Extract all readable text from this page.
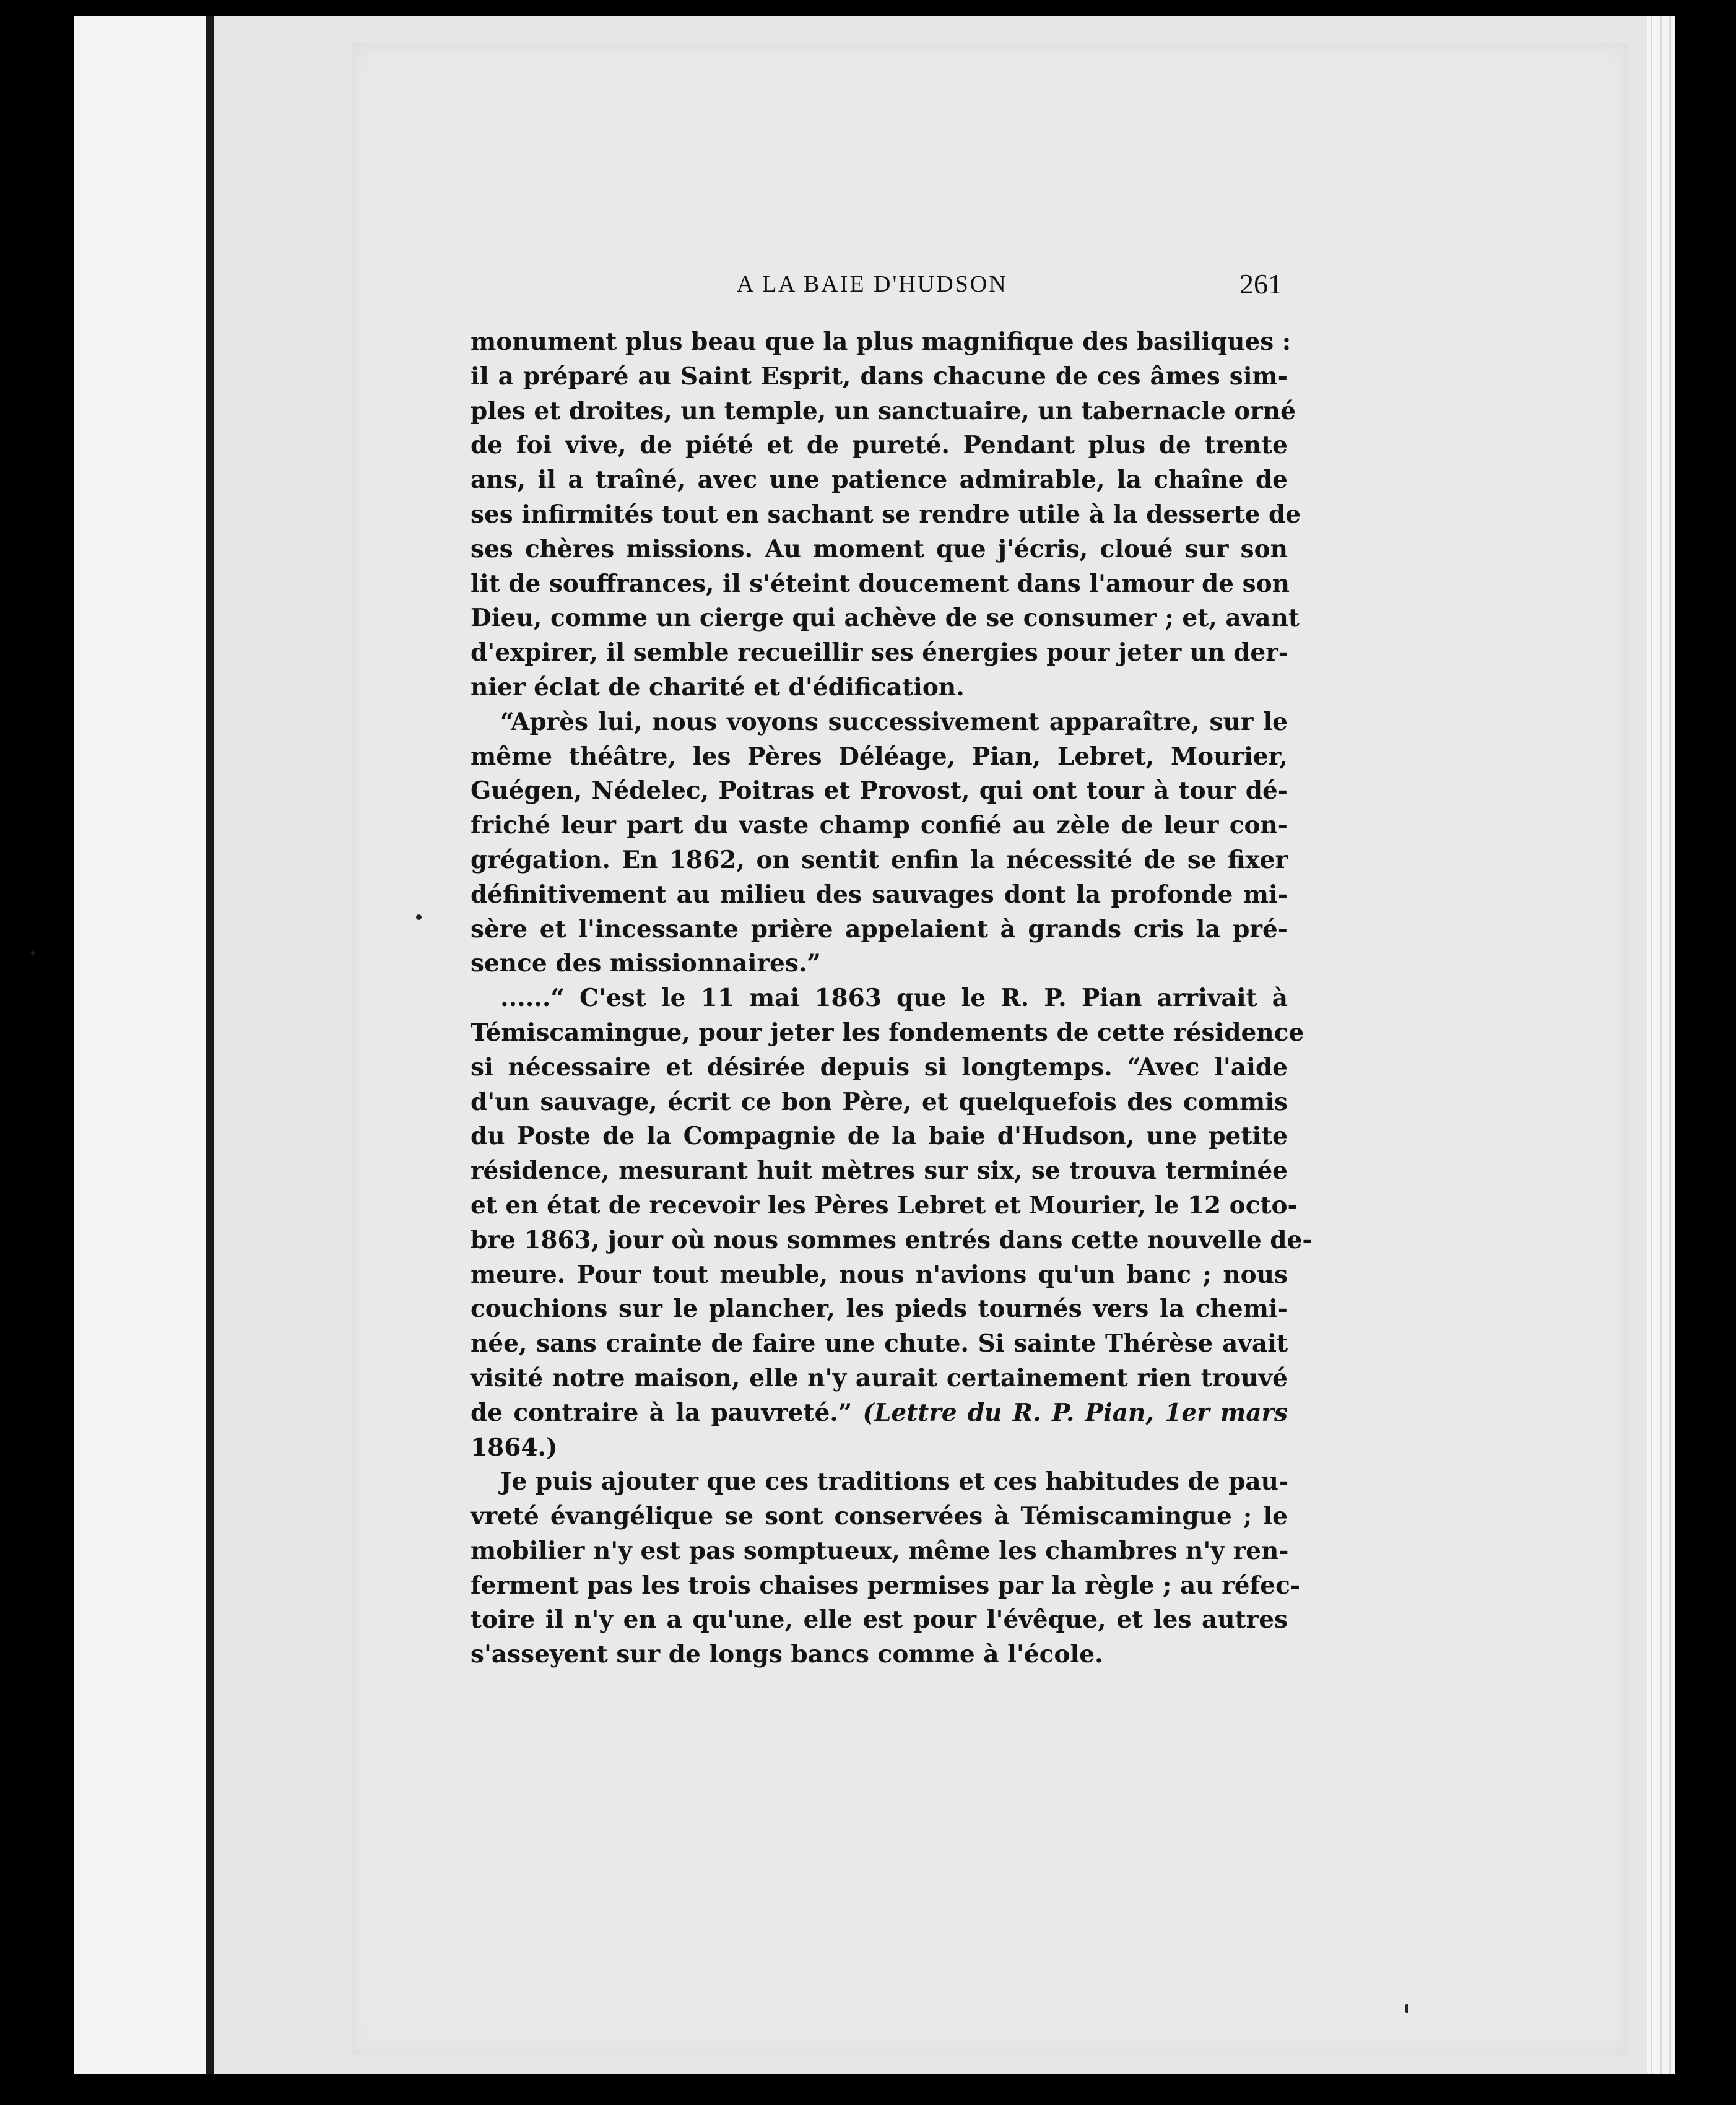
A LA BAIE D'HUDSON	261
monument plus beau que la plus magnifique des basiliques :
il a préparé au Saint Esprit, dans chacune de ces âmes sim-
ples et droites, un temple, un sanctuaire, un tabernacle orné
de foi vive, de piété et de pureté. Pendant plus de trente
ans, il a traîné, avec une patience admirable, la chaîne de
ses infirmités tout en sachant se rendre utile à la desserte de
ses chères missions. Au moment que j'écris, cloué sur son
lit de souffrances, il s'éteint doucement dans l'amour de son
Dieu, comme un cierge qui achève de se consumer ; et, avant
d'expirer, il semble recueillir ses énergies pour jeter un der-
nier éclat de charité et d'édification.
“Après lui, nous voyons successivement apparaître, sur le
même théâtre, les Pères Déléage, Pian, Lebret, Mourier,
Guégen, Nédelec, Poitras et Provost, qui ont tour à tour dé-
friché leur part du vaste champ confié au zèle de leur con-
grégation. En 1862, on sentit enfin la nécessité de se fixer
définitivement au milieu des sauvages dont la profonde mi-
sère et l'incessante prière appelaient à grands cris la pré-
sence des missionnaires.”
......“ C'est le 11 mai 1863 que le R. P. Pian arrivait à
Témiscamingue, pour jeter les fondements de cette résidence
si nécessaire et désirée depuis si longtemps. “Avec l'aide
d'un sauvage, écrit ce bon Père, et quelquefois des commis
du Poste de la Compagnie de la baie d'Hudson, une petite
résidence, mesurant huit mètres sur six, se trouva terminée
et en état de recevoir les Pères Lebret et Mourier, le 12 octo-
bre 1863, jour où nous sommes entrés dans cette nouvelle de-
meure. Pour tout meuble, nous n'avions qu'un banc ; nous
couchions sur le plancher, les pieds tournés vers la chemi-
née, sans crainte de faire une chute. Si sainte Thérèse avait
visité notre maison, elle n'y aurait certainement rien trouvé
de contraire à la pauvreté.” (Lettre du R. P. Pian, 1er mars
1864.)
Je puis ajouter que ces traditions et ces habitudes de pau-
vreté évangélique se sont conservées à Témiscamingue ; le
mobilier n'y est pas somptueux, même les chambres n'y ren-
ferment pas les trois chaises permises par la règle ; au réfec-
toire il n'y en a qu'une, elle est pour l'évêque, et les autres
s'asseyent sur de longs bancs comme à l'école.
